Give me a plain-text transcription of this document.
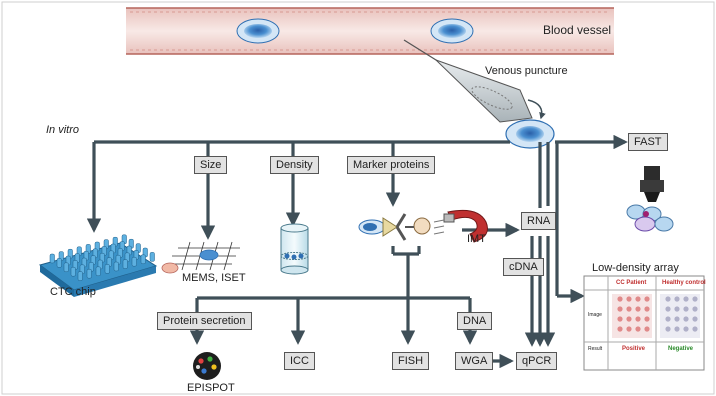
Blood vessel
Venous puncture
In vitro
FAST
Size	Density	Marker proteins
RNA
cDNA
Protein secretion	DNA
ICC	FISH	WGA	qPCR
IMT
CTC chip
MEMS, ISET
EPISPOT
Low-density array
CC Patient	Healthy control
Image
Result	Positive	Negative
